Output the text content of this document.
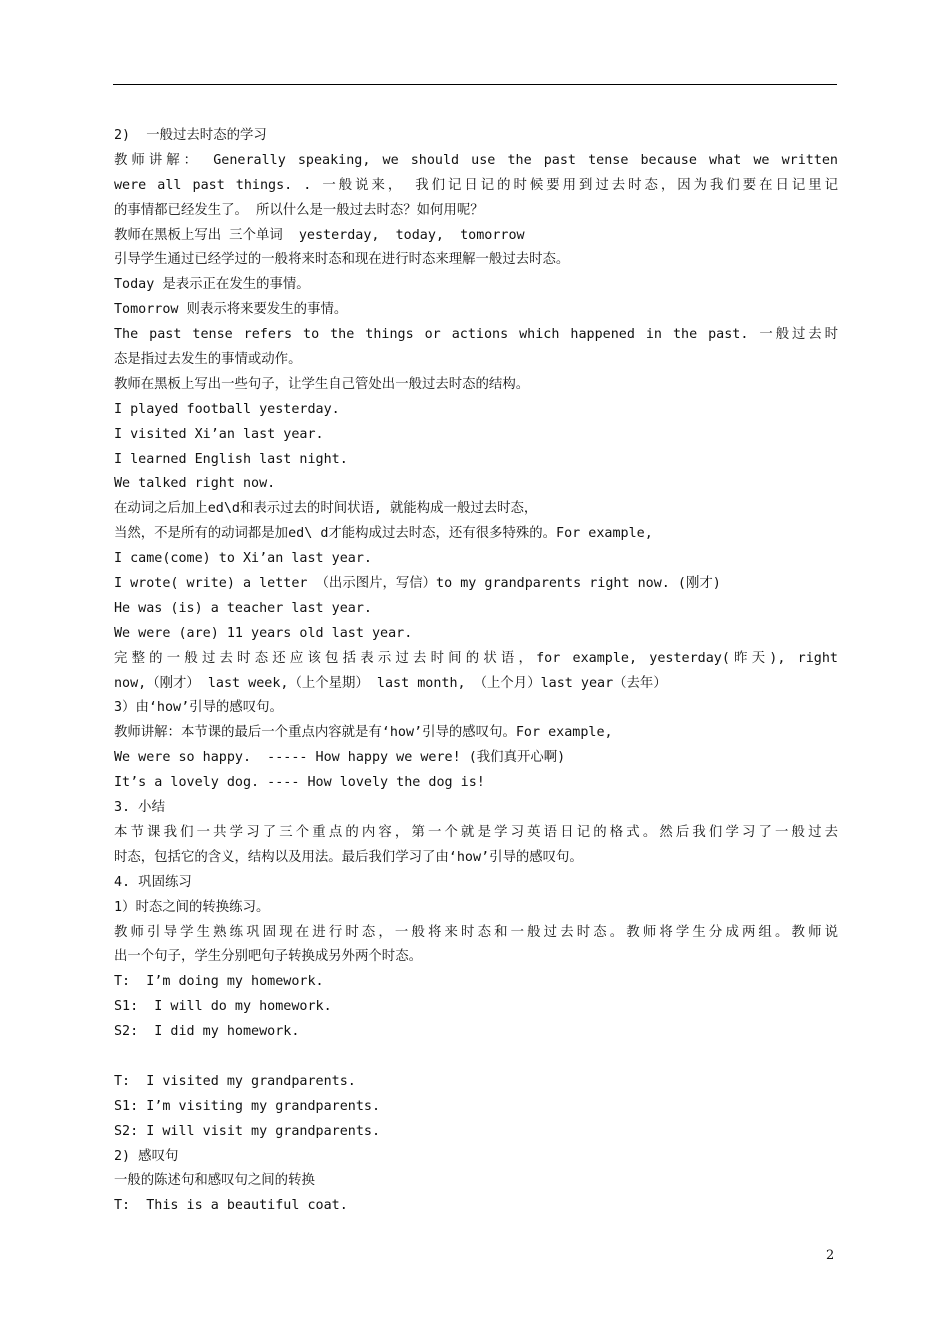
2)  一般过去时态的学习
教师讲解： Generally speaking, we should use the past tense because what we written
were all past things. . 一般说来， 我们记日记的时候要用到过去时态，因为我们要在日记里记
的事情都已经发生了。 所以什么是一般过去时态？如何用呢？
教师在黑板上写出 三个单词  yesterday,  today,  tomorrow
引导学生通过已经学过的一般将来时态和现在进行时态来理解一般过去时态。
Today 是表示正在发生的事情。
Tomorrow 则表示将来要发生的事情。
The past tense refers to the things or actions which happened in the past. 一般过去时
态是指过去发生的事情或动作。
教师在黑板上写出一些句子，让学生自己管处出一般过去时态的结构。
I played football yesterday.
I visited Xi’an last year.
I learned English last night.
We talked right now.
在动词之后加上ed\d和表示过去的时间状语, 就能构成一般过去时态，
当然，不是所有的动词都是加ed\ d才能构成过去时态，还有很多特殊的。For example,
I came(come) to Xi’an last year.
I wrote( write) a letter （出示图片，写信）to my grandparents right now. (刚才)
He was (is) a teacher last year.
We were (are) 11 years old last year.
完整的一般过去时态还应该包括表示过去时间的状语，for example, yesterday(昨天), right
now,（刚才） last week,（上个星期） last month, （上个月）last year（去年）
3）由‘how’引导的感叹句。
教师讲解：本节课的最后一个重点内容就是有‘how’引导的感叹句。For example,
We were so happy.  ----- How happy we were! (我们真开心啊)
It’s a lovely dog. ---- How lovely the dog is!
3. 小结
本节课我们一共学习了三个重点的内容，第一个就是学习英语日记的格式。然后我们学习了一般过去
时态，包括它的含义，结构以及用法。最后我们学习了由‘how’引导的感叹句。
4. 巩固练习
1）时态之间的转换练习。
教师引导学生熟练巩固现在进行时态，一般将来时态和一般过去时态。教师将学生分成两组。教师说
出一个句子，学生分别吧句子转换成另外两个时态。
T:  I’m doing my homework.
S1:  I will do my homework.
S2:  I did my homework.
T:  I visited my grandparents.
S1: I’m visiting my grandparents.
S2: I will visit my grandparents.
2) 感叹句
一般的陈述句和感叹句之间的转换
T:  This is a beautiful coat.
2
